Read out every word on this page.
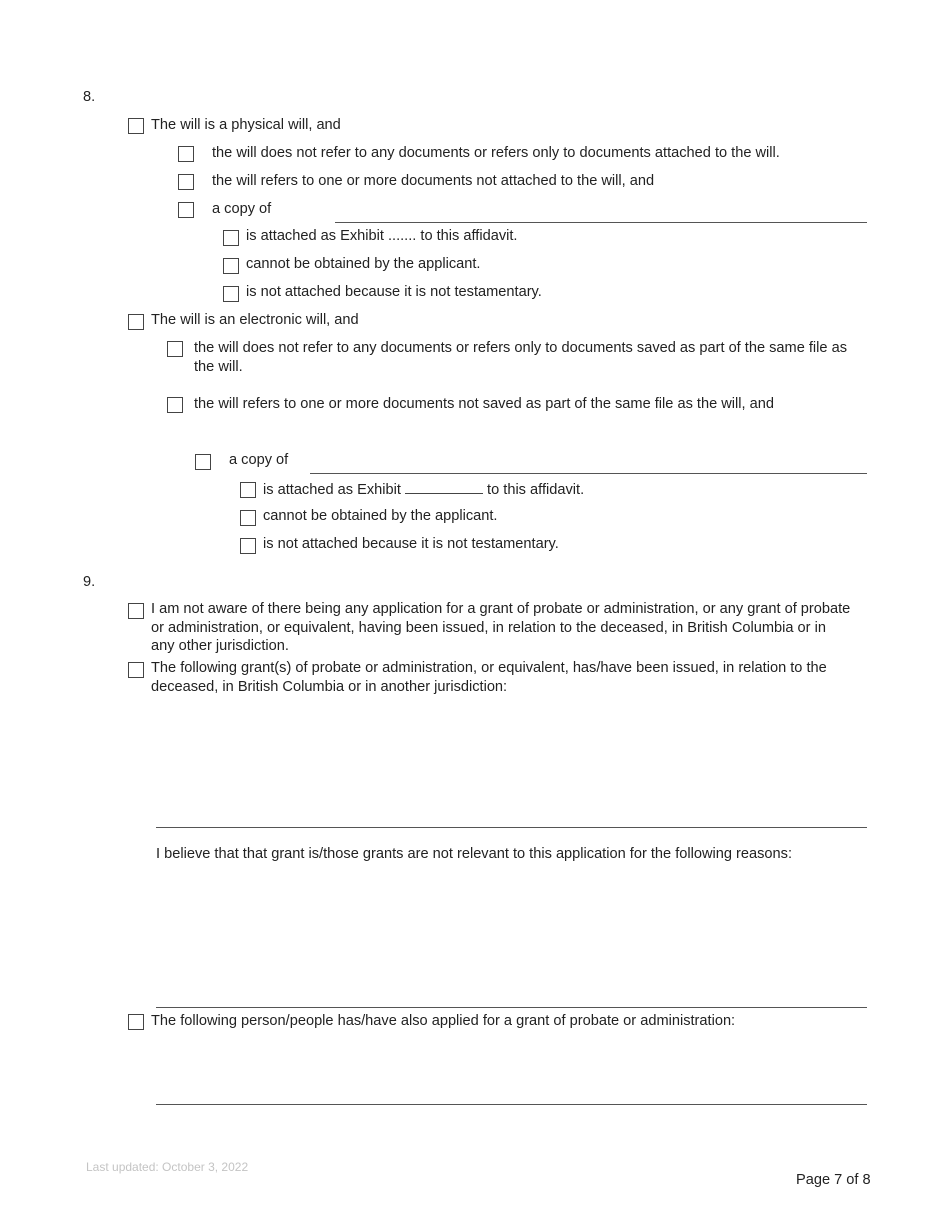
8.
The will is a physical will, and
the will does not refer to any documents or refers only to documents attached to the will.
the will refers to one or more documents not attached to the will, and
a copy of
is attached as Exhibit ....... to this affidavit.
cannot be obtained by the applicant.
is not attached because it is not testamentary.
The will is an electronic will, and
the will does not refer to any documents or refers only to documents saved as part of the same file as the will.
the will refers to one or more documents not saved as part of the same file as the will, and
a copy of
is attached as Exhibit	to this affidavit.
cannot be obtained by the applicant.
is not attached because it is not testamentary.
9.
I am not aware of there being any application for a grant of probate or administration, or any grant of probate or administration, or equivalent, having been issued, in relation to the deceased, in British Columbia or in any other jurisdiction.
The following grant(s) of probate or administration, or equivalent, has/have been issued, in relation to the deceased, in British Columbia or in another jurisdiction:
I believe that that grant is/those grants are not relevant to this application for the following reasons:
The following person/people has/have also applied for a grant of probate or administration:
Last updated: October 3, 2022
Page 7 of 8
